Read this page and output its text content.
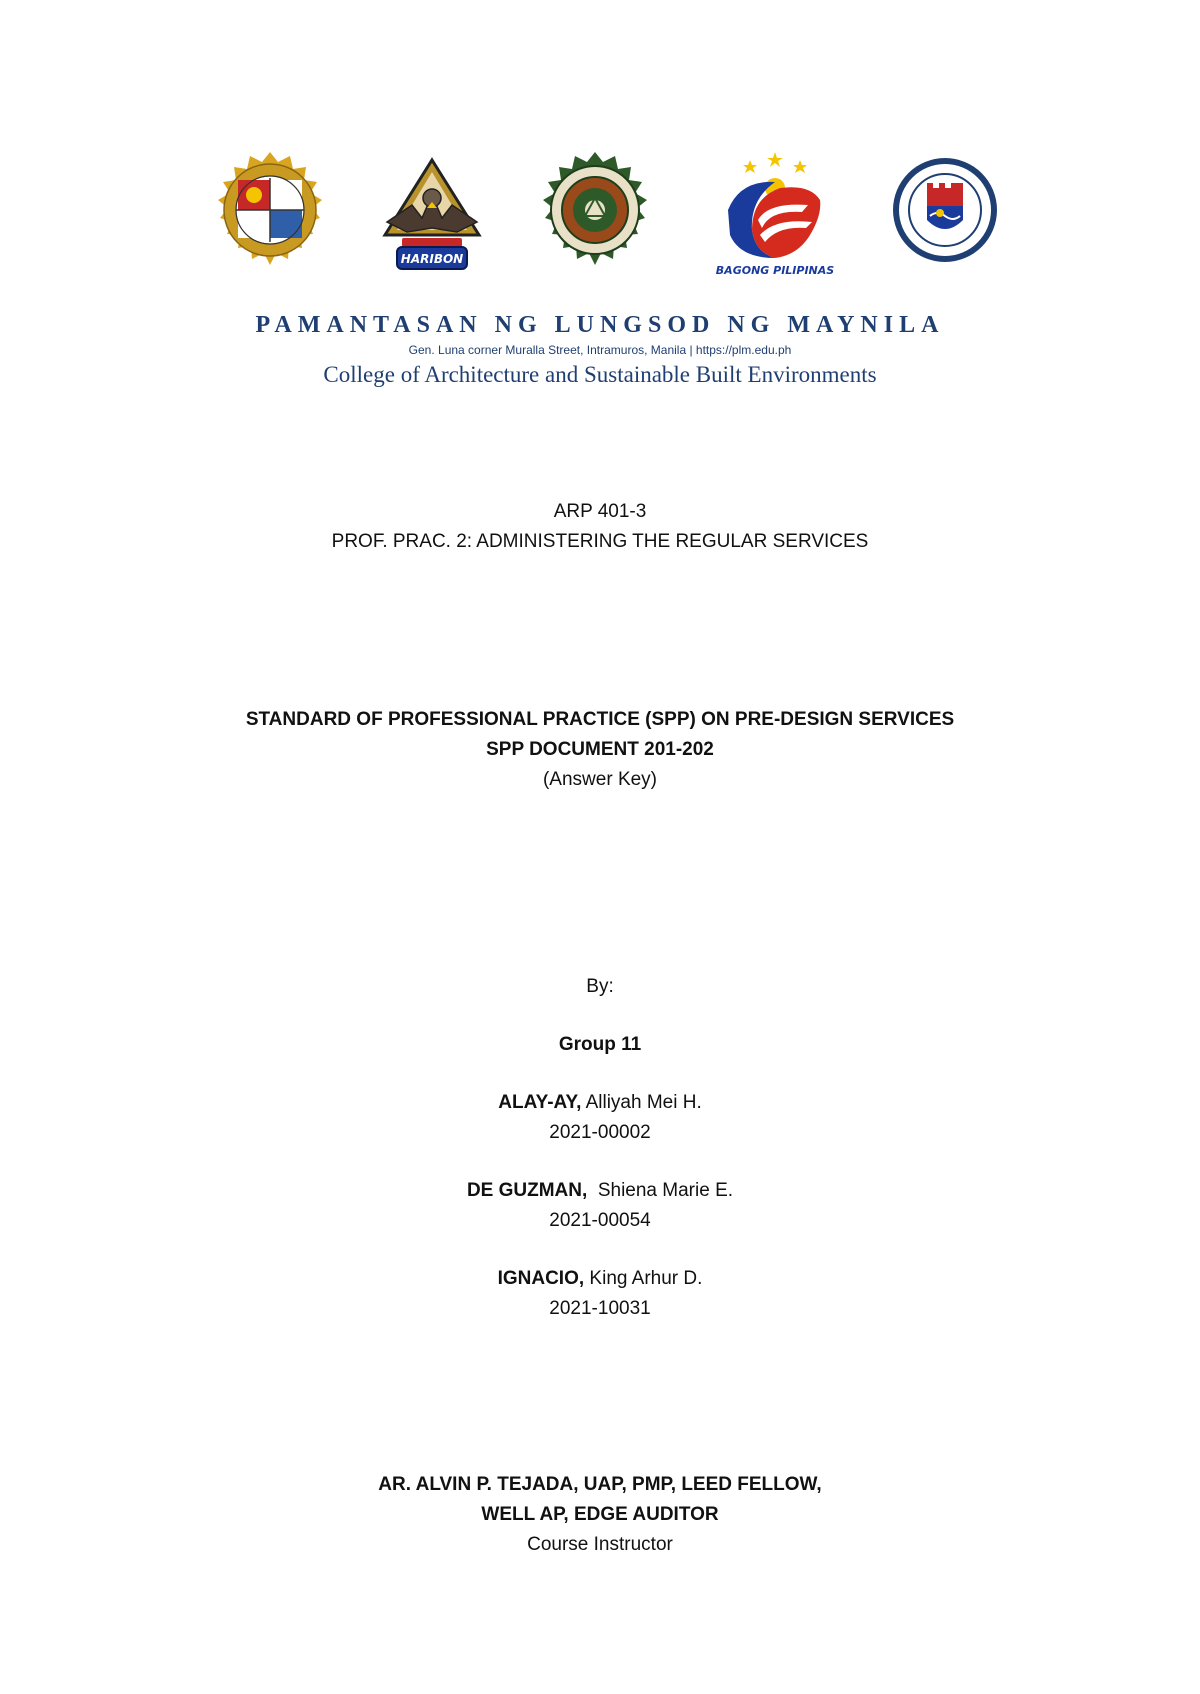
HARIBON
BAGONG PILIPINAS
PAMANTASAN NG LUNGSOD NG MAYNILA
Gen. Luna corner Muralla Street, Intramuros, Manila | https://plm.edu.ph
College of Architecture and Sustainable Built Environments
ARP 401-3
PROF. PRAC. 2: ADMINISTERING THE REGULAR SERVICES
STANDARD OF PROFESSIONAL PRACTICE (SPP) ON PRE-DESIGN SERVICES
SPP DOCUMENT 201-202
(Answer Key)
By:
Group 11
ALAY-AY, Alliyah Mei H.
2021-00002
DE GUZMAN,  Shiena Marie E.
2021-00054
IGNACIO, King Arhur D.
2021-10031
AR. ALVIN P. TEJADA, UAP, PMP, LEED FELLOW,
WELL AP, EDGE AUDITOR
Course Instructor
